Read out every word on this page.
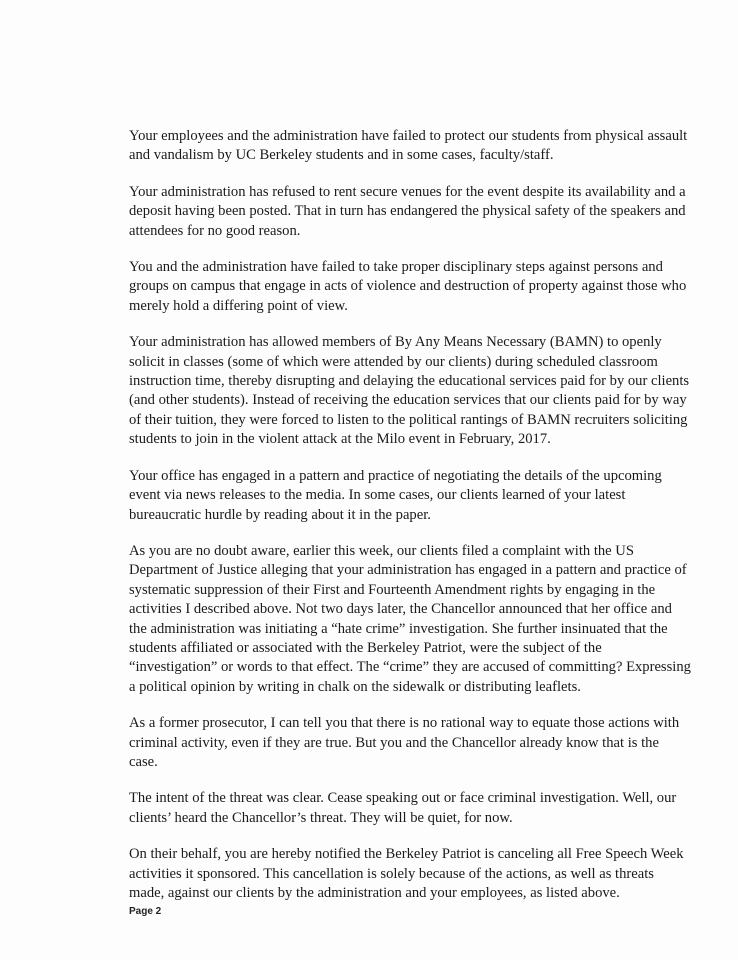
Your employees and the administration have failed to protect our students from physical assault and vandalism by UC Berkeley students and in some cases, faculty/staff.

Your administration has refused to rent secure venues for the event despite its availability and a deposit having been posted. That in turn has endangered the physical safety of the speakers and attendees for no good reason.

You and the administration have failed to take proper disciplinary steps against persons and groups on campus that engage in acts of violence and destruction of property against those who merely hold a differing point of view.

Your administration has allowed members of By Any Means Necessary (BAMN) to openly solicit in classes (some of which were attended by our clients) during scheduled classroom instruction time, thereby disrupting and delaying the educational services paid for by our clients (and other students). Instead of receiving the education services that our clients paid for by way of their tuition, they were forced to listen to the political rantings of BAMN recruiters soliciting students to join in the violent attack at the Milo event in February, 2017.

Your office has engaged in a pattern and practice of negotiating the details of the upcoming event via news releases to the media. In some cases, our clients learned of your latest bureaucratic hurdle by reading about it in the paper.

As you are no doubt aware, earlier this week, our clients filed a complaint with the US Department of Justice alleging that your administration has engaged in a pattern and practice of systematic suppression of their First and Fourteenth Amendment rights by engaging in the activities I described above. Not two days later, the Chancellor announced that her office and the administration was initiating a “hate crime” investigation. She further insinuated that the students affiliated or associated with the Berkeley Patriot, were the subject of the “investigation” or words to that effect. The “crime” they are accused of committing? Expressing a political opinion by writing in chalk on the sidewalk or distributing leaflets.

As a former prosecutor, I can tell you that there is no rational way to equate those actions with criminal activity, even if they are true. But you and the Chancellor already know that is the case.

The intent of the threat was clear. Cease speaking out or face criminal investigation. Well, our clients’ heard the Chancellor’s threat. They will be quiet, for now.

On their behalf, you are hereby notified the Berkeley Patriot is canceling all Free Speech Week activities it sponsored. This cancellation is solely because of the actions, as well as threats made, against our clients by the administration and your employees, as listed above.

Page 2
